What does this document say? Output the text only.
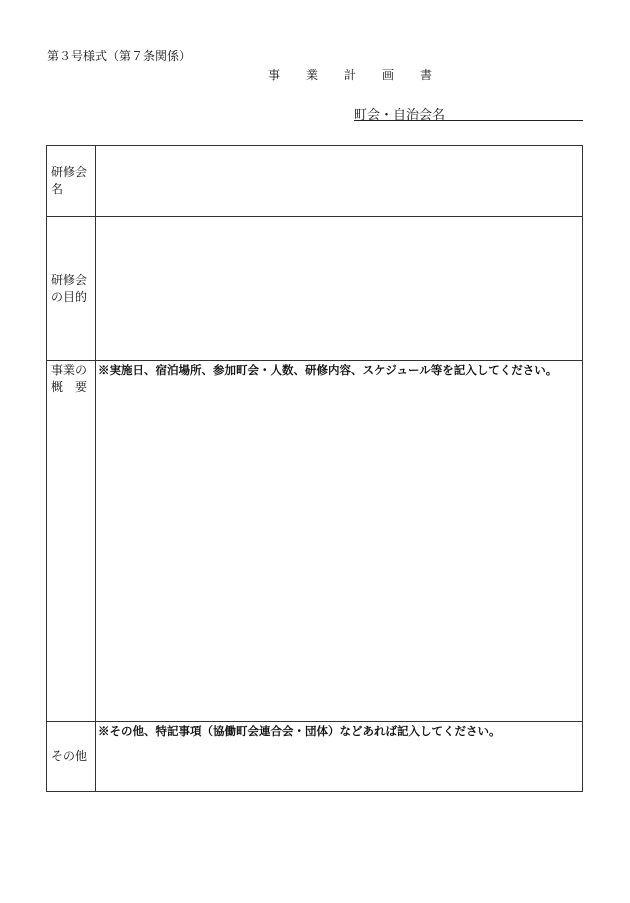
第３号様式（第７条関係）
事　業　計　画　書
町会・自治会名
研修会
名	

研修会
の目的	

事業の
概　要	※実施日、宿泊場所、参加町会・人数、研修内容、スケジュール等を記入してください。

その他	※その他、特記事項（協働町会連合会・団体）などあれば記入してください。
